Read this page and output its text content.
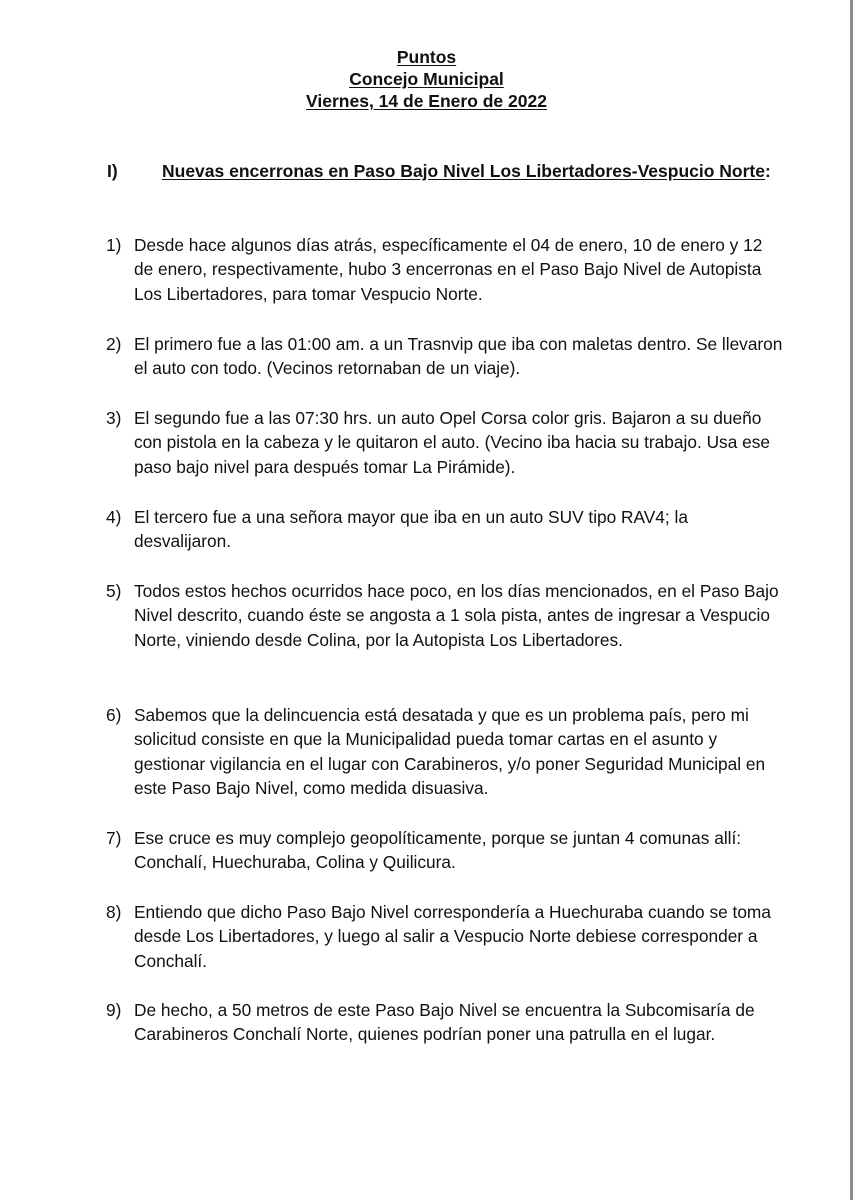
Puntos
Concejo Municipal
Viernes, 14 de Enero de 2022
I)	Nuevas encerronas en Paso Bajo Nivel Los Libertadores-Vespucio Norte:
1) Desde hace algunos días atrás, específicamente el 04 de enero, 10 de enero y 12 de enero, respectivamente, hubo 3 encerronas en el Paso Bajo Nivel de Autopista Los Libertadores, para tomar Vespucio Norte.
2) El primero fue a las 01:00 am. a un Trasnvip que iba con maletas dentro. Se llevaron el auto con todo. (Vecinos retornaban de un viaje).
3) El segundo fue a las 07:30 hrs. un auto Opel Corsa color gris. Bajaron a su dueño con pistola en la cabeza y le quitaron el auto. (Vecino iba hacia su trabajo. Usa ese paso bajo nivel para después tomar La Pirámide).
4) El tercero fue a una señora mayor que iba en un auto SUV tipo RAV4; la desvalijaron.
5) Todos estos hechos ocurridos hace poco, en los días mencionados, en el Paso Bajo Nivel descrito, cuando éste se angosta a 1 sola pista, antes de ingresar a Vespucio Norte, viniendo desde Colina, por la Autopista Los Libertadores.
6) Sabemos que la delincuencia está desatada y que es un problema país, pero mi solicitud consiste en que la Municipalidad pueda tomar cartas en el asunto y gestionar vigilancia en el lugar con Carabineros, y/o poner Seguridad Municipal en este Paso Bajo Nivel, como medida disuasiva.
7) Ese cruce es muy complejo geopolíticamente, porque se juntan 4 comunas allí: Conchalí, Huechuraba, Colina y Quilicura.
8) Entiendo que dicho Paso Bajo Nivel correspondería a Huechuraba cuando se toma desde Los Libertadores, y luego al salir a Vespucio Norte debiese corresponder a Conchalí.
9) De hecho, a 50 metros de este Paso Bajo Nivel se encuentra la Subcomisaría de Carabineros Conchalí Norte, quienes podrían poner una patrulla en el lugar.
